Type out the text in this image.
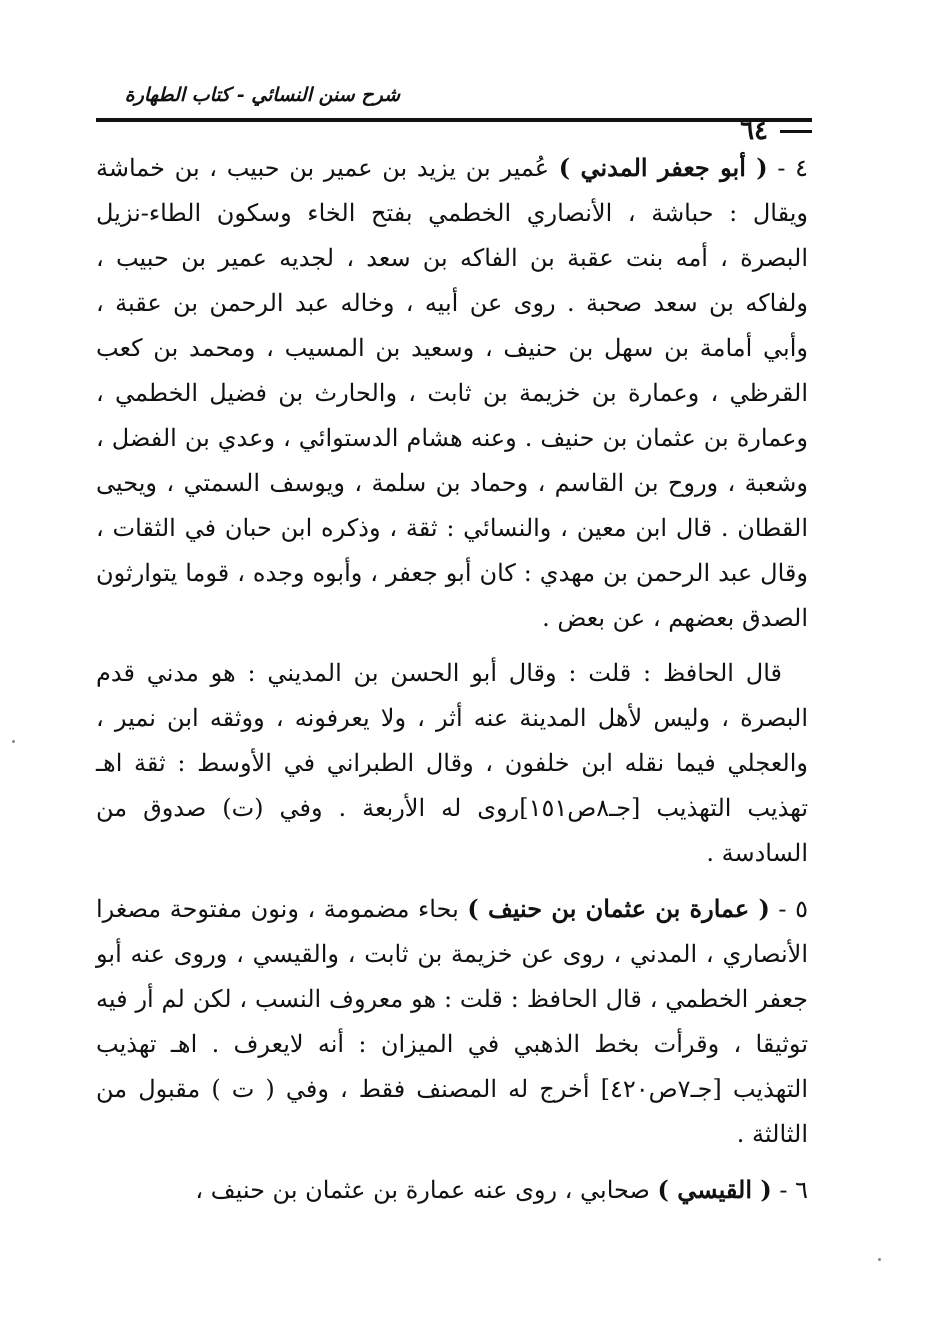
شرح سنن النسائي - كتاب الطهارة
٦٤

٤ - ( أبو جعفر المدني ) عُمير بن يزيد بن عمير بن حبيب ، بن خماشة ويقال : حباشة ، الأنصاري الخطمي بفتح الخاء وسكون الطاء-نزيل البصرة ، أمه بنت عقبة بن الفاكه بن سعد ، لجديه عمير بن حبيب ، ولفاكه بن سعد صحبة . روى عن أبيه ، وخاله عبد الرحمن بن عقبة ، وأبي أمامة بن سهل بن حنيف ، وسعيد بن المسيب ، ومحمد بن كعب القرظي ، وعمارة بن خزيمة بن ثابت ، والحارث بن فضيل الخطمي ، وعمارة بن عثمان بن حنيف . وعنه هشام الدستوائي ، وعدي بن الفضل ، وشعبة ، وروح بن القاسم ، وحماد بن سلمة ، ويوسف السمتي ، ويحيى القطان . قال ابن معين ، والنسائي : ثقة ، وذكره ابن حبان في الثقات ، وقال عبد الرحمن بن مهدي : كان أبو جعفر ، وأبوه وجده ، قوما يتوارثون الصدق بعضهم ، عن بعض .

قال الحافظ : قلت : وقال أبو الحسن بن المديني : هو مدني قدم البصرة ، وليس لأهل المدينة عنه أثر ، ولا يعرفونه ، ووثقه ابن نمير ، والعجلي فيما نقله ابن خلفون ، وقال الطبراني في الأوسط : ثقة اهـ تهذيب التهذيب [جـ٨ص١٥١]روى له الأربعة . وفي (ت) صدوق من السادسة .

٥ - ( عمارة بن عثمان بن حنيف ) بحاء مضمومة ، ونون مفتوحة مصغرا الأنصاري ، المدني ، روى عن خزيمة بن ثابت ، والقيسي ، وروى عنه أبو جعفر الخطمي ، قال الحافظ : قلت : هو معروف النسب ، لكن لم أر فيه توثيقا ، وقرأت بخط الذهبي في الميزان : أنه لايعرف . اهـ تهذيب التهذيب [جـ٧ص٤٢٠] أخرج له المصنف فقط ، وفي ( ت ) مقبول من الثالثة .

٦ - ( القيسي ) صحابي ، روى عنه عمارة بن عثمان بن حنيف ،
